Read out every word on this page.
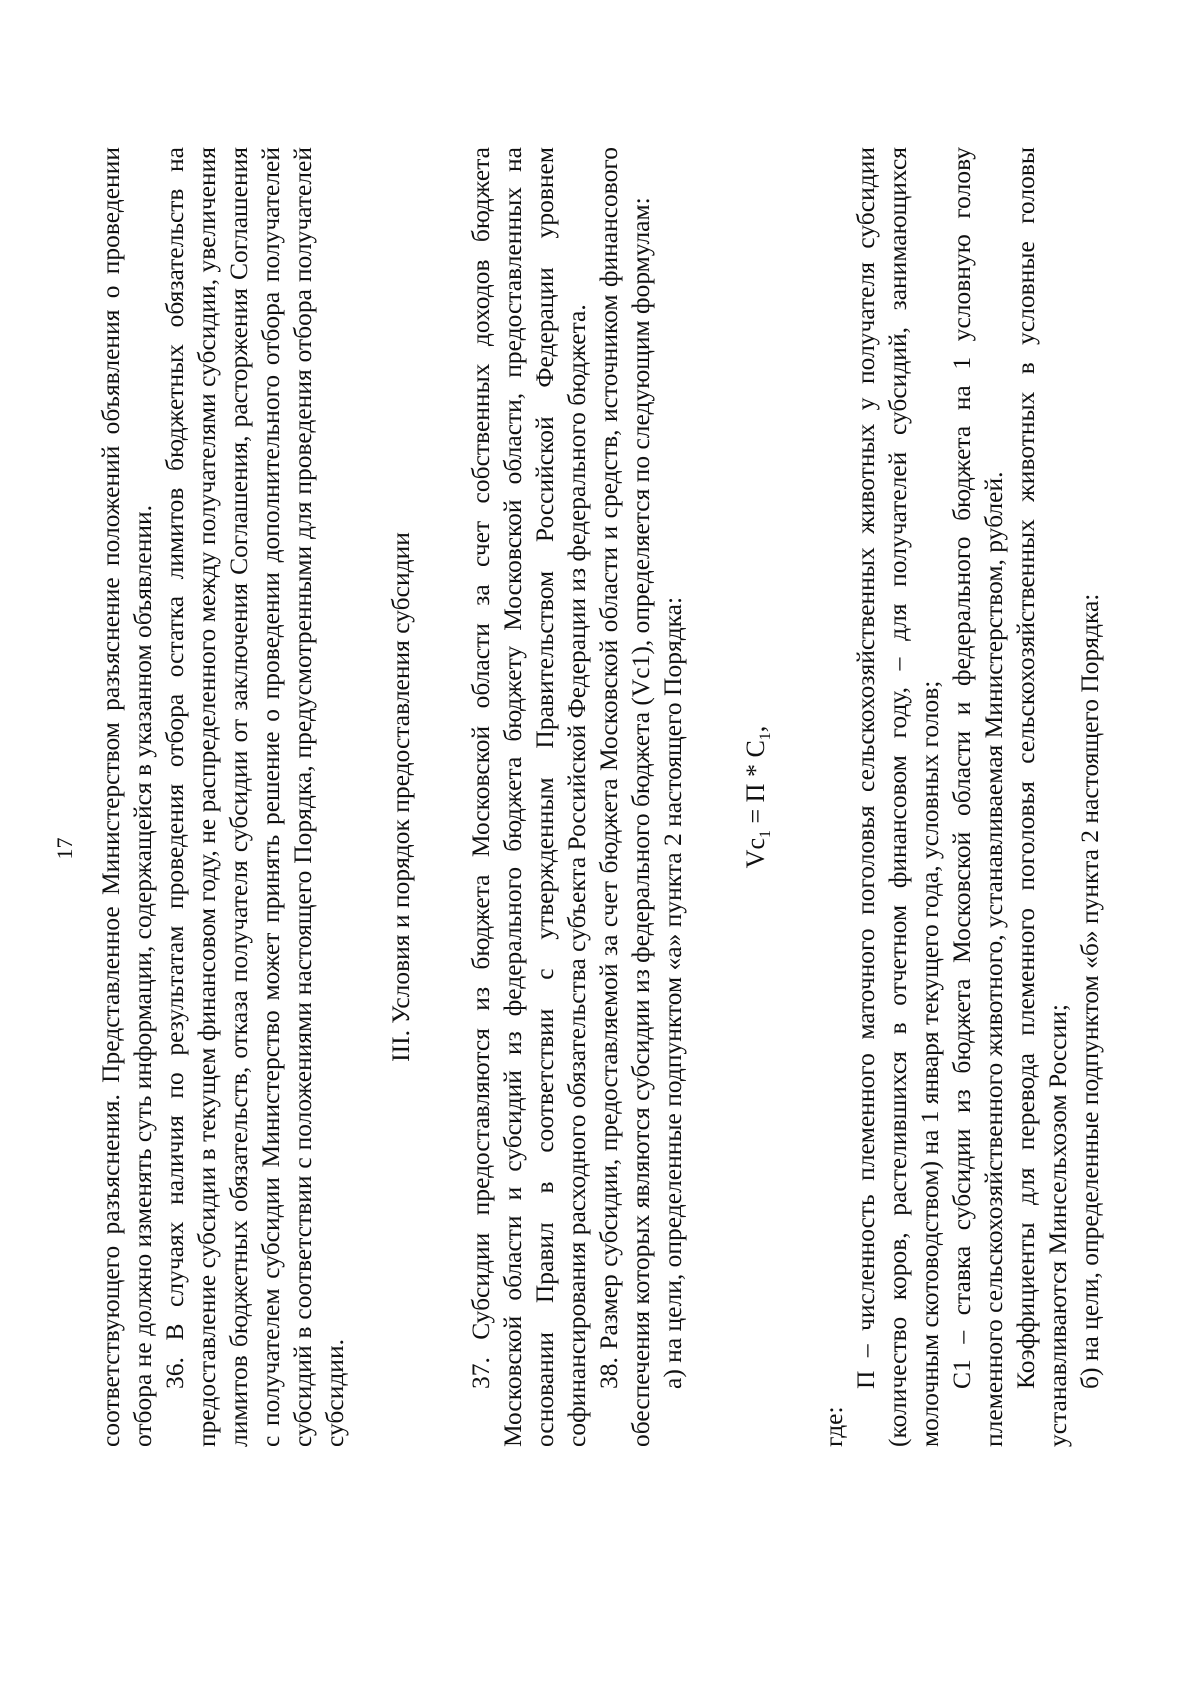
17 соответствующего разъяснения. Представленное Министерством разъяснение положений объявления о проведении отбора не должно изменять суть информации, содержащейся в указанном объявлении. 36. В случаях наличия по результатам проведения отбора остатка лимитов бюджетных обязательств на предоставление субсидии в текущем финансовом году, не распределенного между получателями субсидии, увеличения лимитов бюджетных обязательств, отказа получателя субсидии от заключения Соглашения, расторжения Соглашения с получателем субсидии Министерство может принять решение о проведении дополнительного отбора получателей субсидий в соответствии с положениями настоящего Порядка, предусмотренными для проведения отбора получателей субсидии.

III. Условия и порядок предоставления субсидии 37. Субсидии предоставляются из бюджета Московской области за счет собственных доходов бюджета Московской области и субсидий из федерального бюджета бюджету Московской области, предоставленных на основании Правил в соответствии с утвержденным Правительством Российской Федерации уровнем софинансирования расходного обязательства субъекта Российской Федерации из федерального бюджета. 38. Размер субсидии, предоставляемой за счет бюджета Московской области и средств, источником финансового обеспечения которых являются субсидии из федерального бюджета (Vc1), определяется по следующим формулам: а) на цели, определенные подпунктом «а» пункта 2 настоящего Порядка: $Vc_1 = П * С_1$,

где:

П – численность племенного маточного поголовья сельскохозяйственных животных у получателя субсидии (количество коров, растелившихся в отчетном финансовом году, – для получателей субсидий, занимающихся молочным скотоводством) на 1 января текущего года, условных голов; С1 – ставка субсидии из бюджета Московской области и федерального бюджета на 1 условную голову племенного сельскохозяйственного животного, устанавливаемая Министерством, рублей. Коэффициенты для перевода племенного поголовья сельскохозяйственных животных в условные головы устанавливаются Минсельхозом России; б) на цели, определенные подпунктом «б» пункта 2 настоящего Порядка:
